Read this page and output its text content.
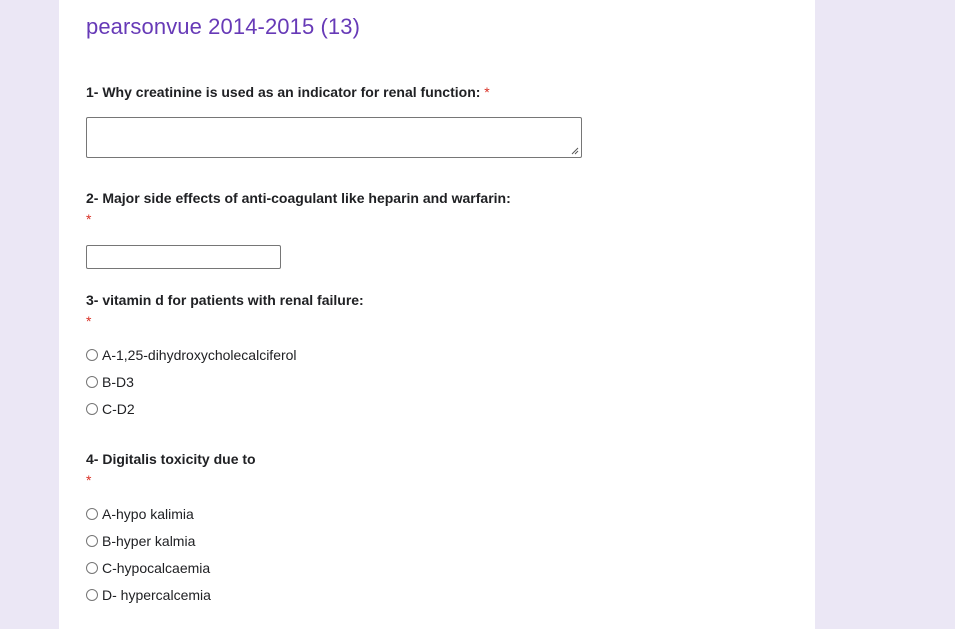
pearsonvue 2014-2015 (13)
1- Why creatinine is used as an indicator for renal function: *
2- Major side effects of anti-coagulant like heparin and warfarin:
*
3- vitamin d for patients with renal failure:
*
A-1,25-dihydroxycholecalciferol
B-D3
C-D2
4- Digitalis toxicity due to
*
A-hypo kalimia
B-hyper kalmia
C-hypocalcaemia
D- hypercalcemia
